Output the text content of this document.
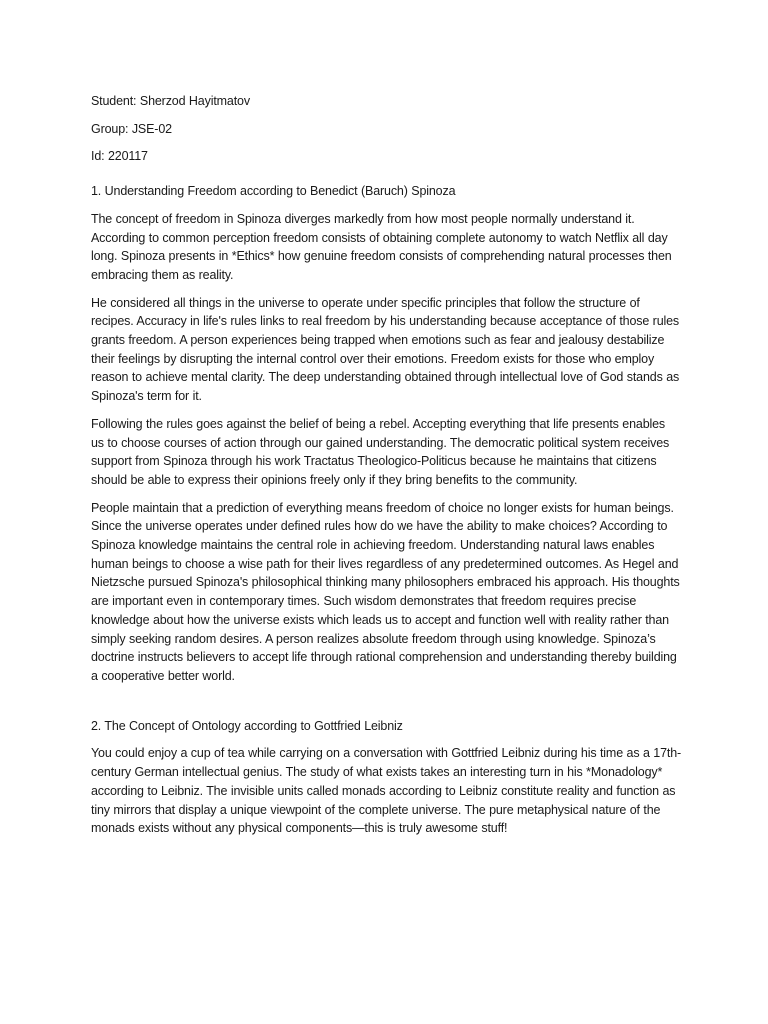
Student: Sherzod Hayitmatov

Group: JSE-02

Id: 220117

1. Understanding Freedom according to Benedict (Baruch) Spinoza

The concept of freedom in Spinoza diverges markedly from how most people normally understand it. According to common perception freedom consists of obtaining complete autonomy to watch Netflix all day long. Spinoza presents in *Ethics* how genuine freedom consists of comprehending natural processes then embracing them as reality.

He considered all things in the universe to operate under specific principles that follow the structure of recipes. Accuracy in life's rules links to real freedom by his understanding because acceptance of those rules grants freedom. A person experiences being trapped when emotions such as fear and jealousy destabilize their feelings by disrupting the internal control over their emotions. Freedom exists for those who employ reason to achieve mental clarity. The deep understanding obtained through intellectual love of God stands as Spinoza's term for it.

Following the rules goes against the belief of being a rebel. Accepting everything that life presents enables us to choose courses of action through our gained understanding. The democratic political system receives support from Spinoza through his work Tractatus Theologico-Politicus because he maintains that citizens should be able to express their opinions freely only if they bring benefits to the community.

People maintain that a prediction of everything means freedom of choice no longer exists for human beings. Since the universe operates under defined rules how do we have the ability to make choices? According to Spinoza knowledge maintains the central role in achieving freedom. Understanding natural laws enables human beings to choose a wise path for their lives regardless of any predetermined outcomes. As Hegel and Nietzsche pursued Spinoza's philosophical thinking many philosophers embraced his approach. His thoughts are important even in contemporary times. Such wisdom demonstrates that freedom requires precise knowledge about how the universe exists which leads us to accept and function well with reality rather than simply seeking random desires. A person realizes absolute freedom through using knowledge. Spinoza’s doctrine instructs believers to accept life through rational comprehension and understanding thereby building a cooperative better world.

2. The Concept of Ontology according to Gottfried Leibniz

You could enjoy a cup of tea while carrying on a conversation with Gottfried Leibniz during his time as a 17th-century German intellectual genius. The study of what exists takes an interesting turn in his *Monadology* according to Leibniz. The invisible units called monads according to Leibniz constitute reality and function as tiny mirrors that display a unique viewpoint of the complete universe. The pure metaphysical nature of the monads exists without any physical components—this is truly awesome stuff!
